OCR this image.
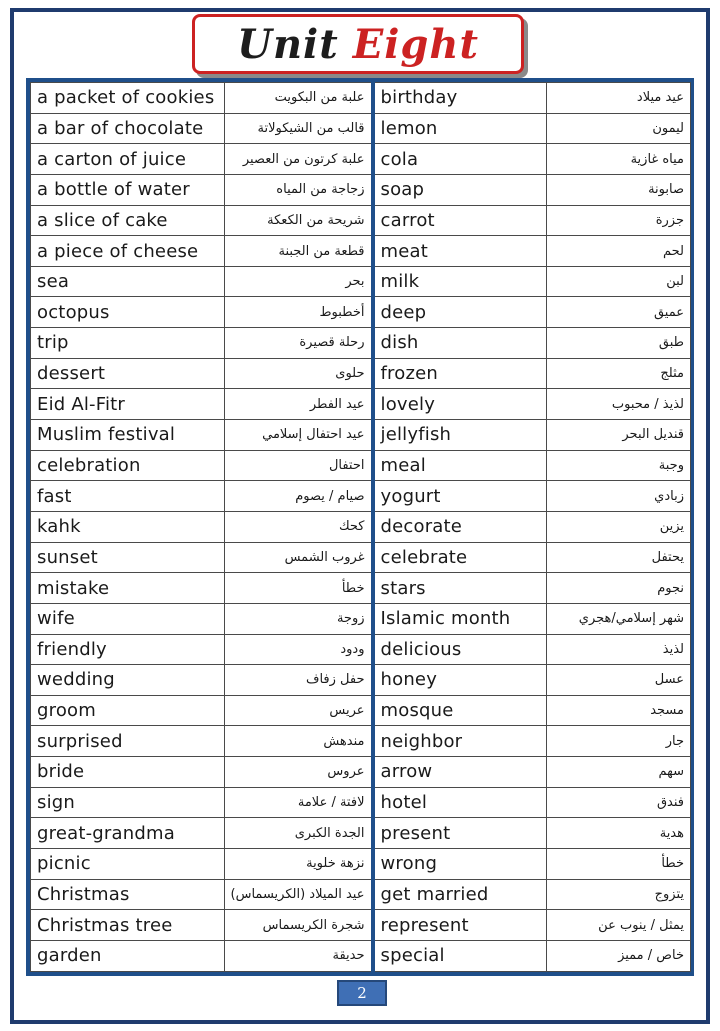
Unit Eight
a packet of cookies	علبة من البكويت	birthday	عيد ميلاد
a bar of chocolate	قالب من الشيكولاتة	lemon	ليمون
a carton of juice	علبة كرتون من العصير	cola	مياه غازية
a bottle of water	زجاجة من المياه	soap	صابونة
a slice of cake	شريحة من الكعكة	carrot	جزرة
a piece of cheese	قطعة من الجبنة	meat	لحم
sea	بحر	milk	لبن
octopus	أخطبوط	deep	عميق
trip	رحلة قصيرة	dish	طبق
dessert	حلوى	frozen	مثلج
Eid Al-Fitr	عيد الفطر	lovely	لذيذ / محبوب
Muslim festival	عيد احتفال إسلامي	jellyfish	قنديل البحر
celebration	احتفال	meal	وجبة
fast	صيام / يصوم	yogurt	زبادي
kahk	كحك	decorate	يزين
sunset	غروب الشمس	celebrate	يحتفل
mistake	خطأ	stars	نجوم
wife	زوجة	Islamic month	شهر إسلامي/هجري
friendly	ودود	delicious	لذيذ
wedding	حفل زفاف	honey	عسل
groom	عريس	mosque	مسجد
surprised	مندهش	neighbor	جار
bride	عروس	arrow	سهم
sign	لافتة / علامة	hotel	فندق
great-grandma	الجدة الكبرى	present	هدية
picnic	نزهة خلوية	wrong	خطأ
Christmas	عيد الميلاد (الكريسماس)	get married	يتزوج
Christmas tree	شجرة الكريسماس	represent	يمثل / ينوب عن
garden	حديقة	special	خاص / مميز
2
